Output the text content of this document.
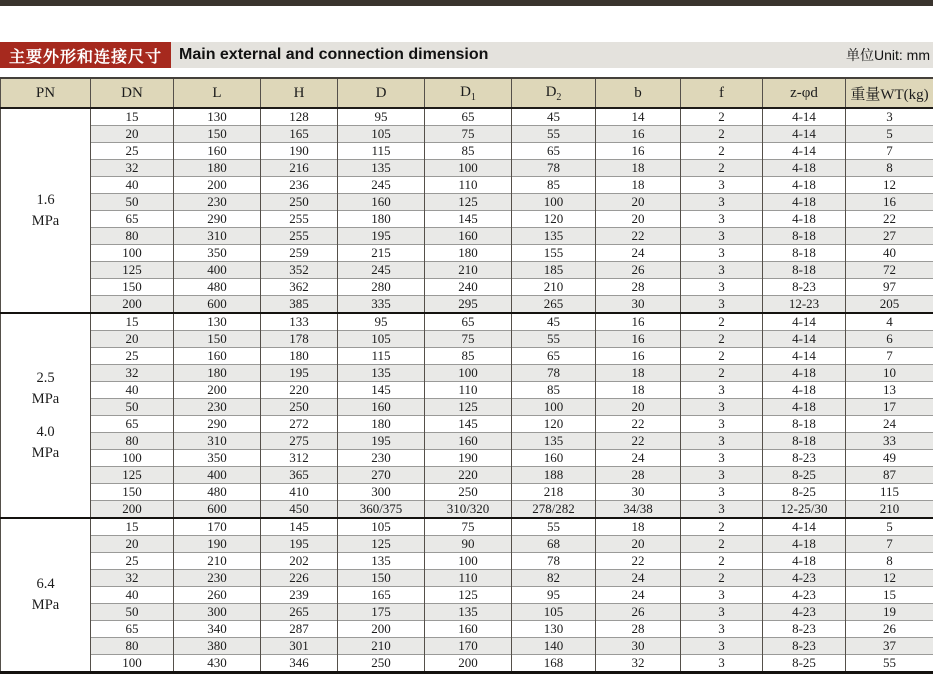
主要外形和连接尺寸	Main external and connection dimension	单位Unit: mm
PN	DN	L	H	D	$D_1$	$D_2$	b	f	z-φd	重量WT(kg)

1.6
MPa	15	130	128	95	65	45	14	2	4-14	3
	20	150	165	105	75	55	16	2	4-14	5
	25	160	190	115	85	65	16	2	4-14	7
	32	180	216	135	100	78	18	2	4-18	8
	40	200	236	245	110	85	18	3	4-18	12
	50	230	250	160	125	100	20	3	4-18	16
	65	290	255	180	145	120	20	3	4-18	22
	80	310	255	195	160	135	22	3	8-18	27
	100	350	259	215	180	155	24	3	8-18	40
	125	400	352	245	210	185	26	3	8-18	72
	150	480	362	280	240	210	28	3	8-23	97
	200	600	385	335	295	265	30	3	12-23	205

2.5
MPa
4.0
MPa	15	130	133	95	65	45	16	2	4-14	4
	20	150	178	105	75	55	16	2	4-14	6
	25	160	180	115	85	65	16	2	4-14	7
	32	180	195	135	100	78	18	2	4-18	10
	40	200	220	145	110	85	18	3	4-18	13
	50	230	250	160	125	100	20	3	4-18	17
	65	290	272	180	145	120	22	3	8-18	24
	80	310	275	195	160	135	22	3	8-18	33
	100	350	312	230	190	160	24	3	8-23	49
	125	400	365	270	220	188	28	3	8-25	87
	150	480	410	300	250	218	30	3	8-25	115
	200	600	450	360/375	310/320	278/282	34/38	3	12-25/30	210

6.4
MPa	15	170	145	105	75	55	18	2	4-14	5
	20	190	195	125	90	68	20	2	4-18	7
	25	210	202	135	100	78	22	2	4-18	8
	32	230	226	150	110	82	24	2	4-23	12
	40	260	239	165	125	95	24	3	4-23	15
	50	300	265	175	135	105	26	3	4-23	19
	65	340	287	200	160	130	28	3	8-23	26
	80	380	301	210	170	140	30	3	8-23	37
	100	430	346	250	200	168	32	3	8-25	55
